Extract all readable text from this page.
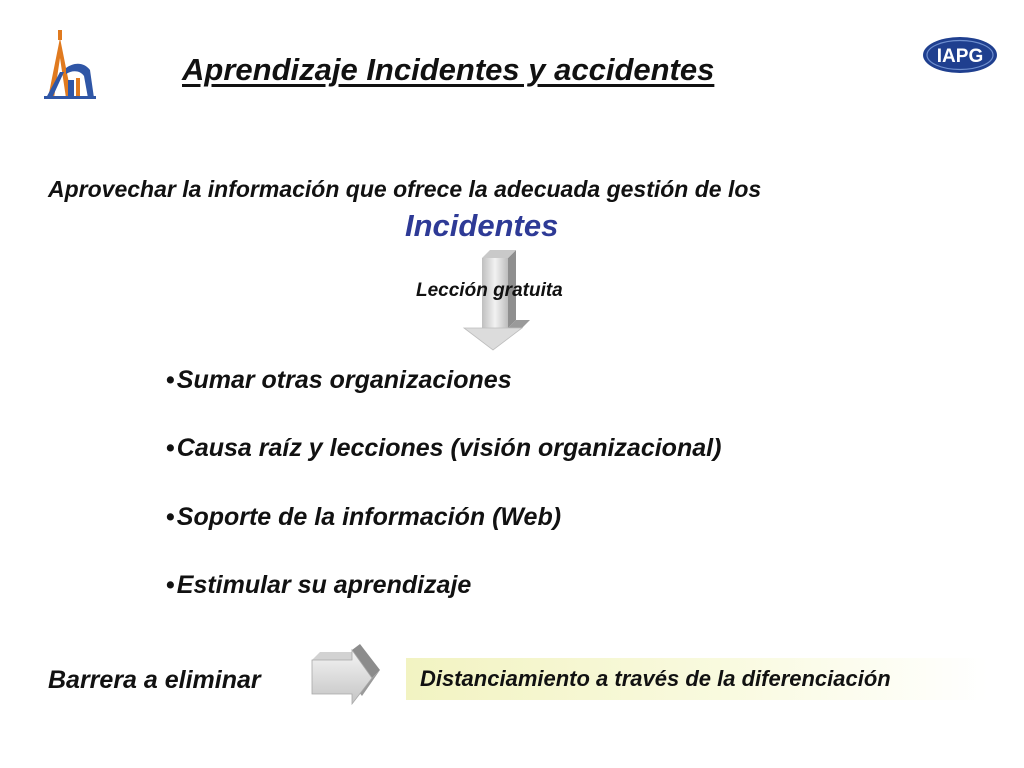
IAPG
Aprendizaje Incidentes y accidentes
Aprovechar la información que ofrece la adecuada gestión de los
Incidentes
Lección gratuita
•Sumar otras organizaciones
•Causa raíz y lecciones (visión organizacional)
•Soporte de la información (Web)
•Estimular su aprendizaje
Barrera a eliminar	Distanciamiento a través de la diferenciación
